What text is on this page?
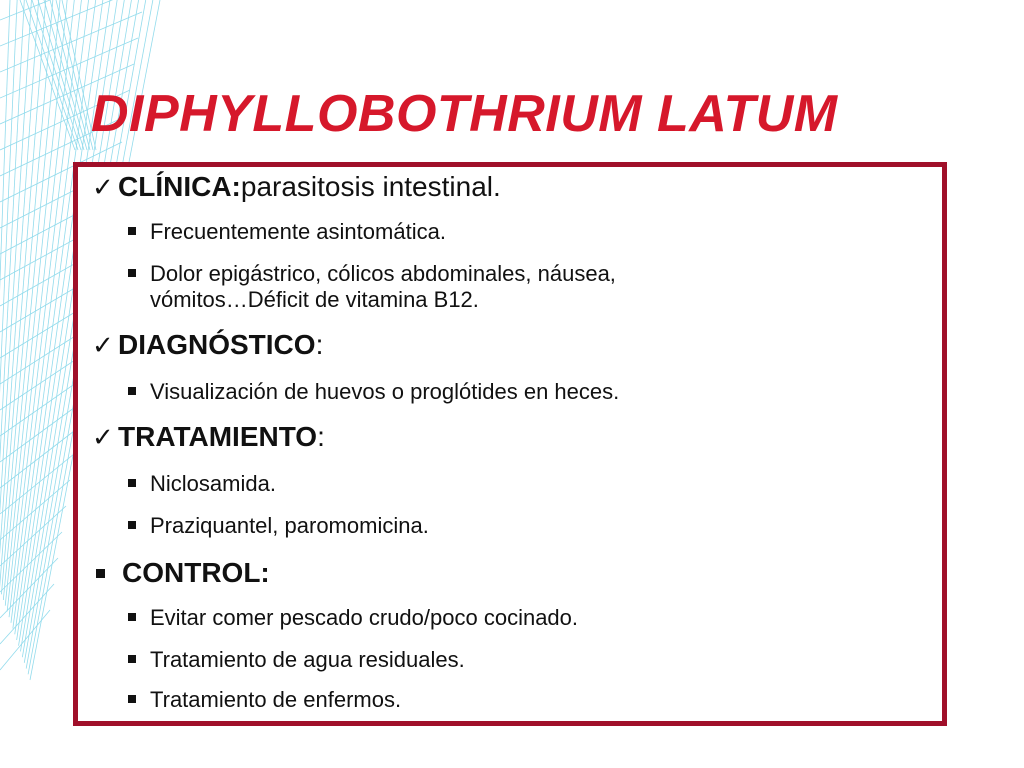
DIPHYLLOBOTHRIUM LATUM
✓ CLÍNICA: parasitosis intestinal.
Frecuentemente asintomática.
Dolor epigástrico, cólicos abdominales, náusea,
vómitos…Déficit de vitamina B12.
✓ DIAGNÓSTICO :
Visualización de huevos o proglótides en heces.
✓ TRATAMIENTO :
Niclosamida.
Praziquantel, paromomicina.
CONTROL:
Evitar comer pescado crudo/poco cocinado.
Tratamiento de agua residuales.
Tratamiento de enfermos.
